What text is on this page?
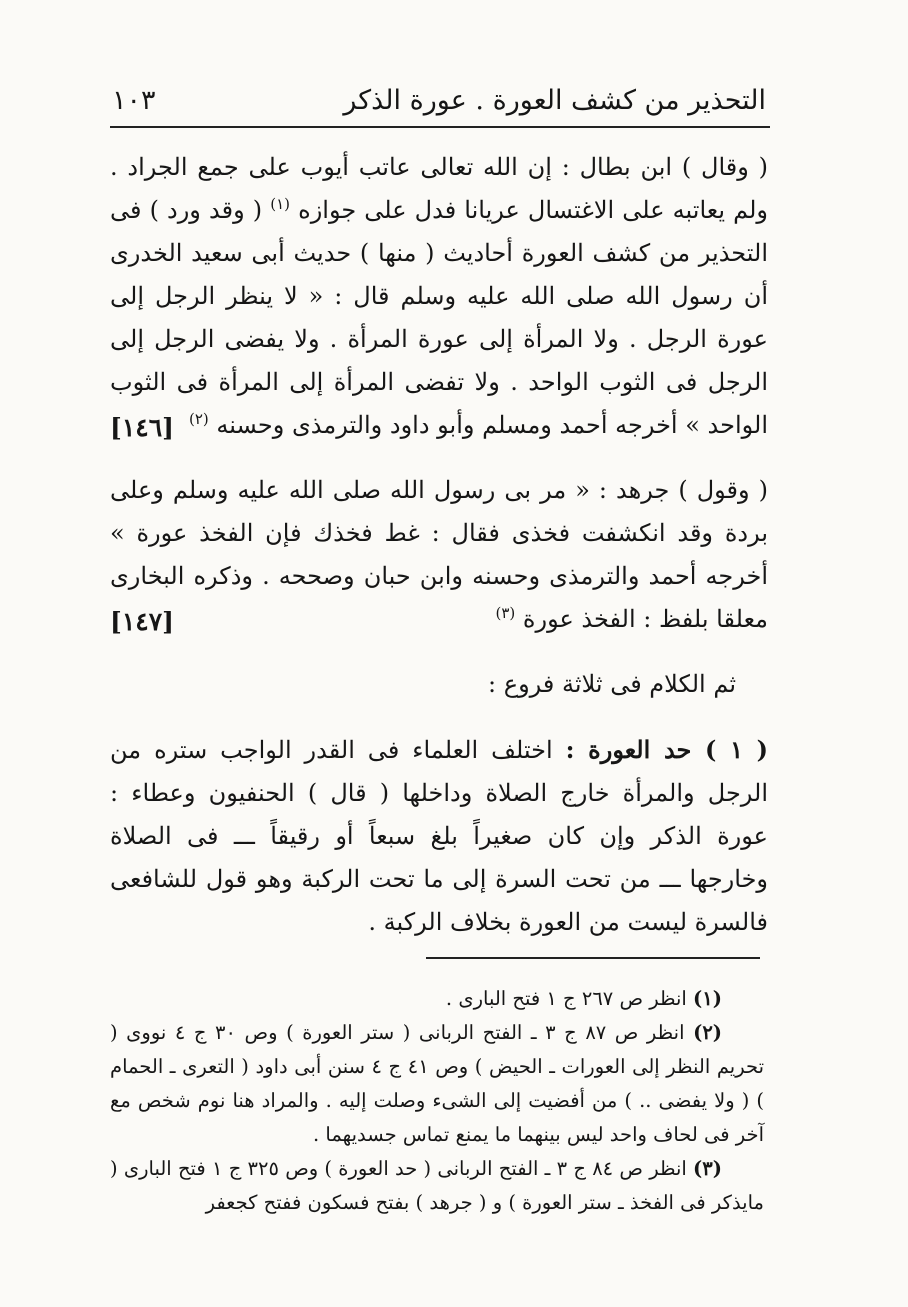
التحذير من كشف العورة . عورة الذكر
١٠٣

( وقال ) ابن بطال : إن الله تعالى عاتب أيوب على جمع الجراد . ولم يعاتبه على الاغتسال عريانا فدل على جوازه $^{(١)}$ ( وقد ورد ) فى التحذير من كشف العورة أحاديث ( منها ) حديث أبى سعيد الخدرى أن رسول الله صلى الله عليه وسلم قال : « لا ينظر الرجل إلى عورة الرجل . ولا المرأة إلى عورة المرأة . ولا يفضى الرجل إلى الرجل فى الثوب الواحد . ولا تفضى المرأة إلى المرأة فى الثوب الواحد » أخرجه أحمد ومسلم وأبو داود والترمذى وحسنه $^{(٢)}$
[١٤٦]

( وقول ) جرهد : « مر بى رسول الله صلى الله عليه وسلم وعلى بردة وقد انكشفت فخذى فقال : غط فخذك فإن الفخذ عورة » أخرجه أحمد والترمذى وحسنه وابن حبان وصححه . وذكره البخارى معلقا بلفظ : الفخذ عورة $^{(٣)}$
[١٤٧]

ثم الكلام فى ثلاثة فروع :

( ١ ) حد العورة : اختلف العلماء فى القدر الواجب ستره من الرجل والمرأة خارج الصلاة وداخلها ( قال ) الحنفيون وعطاء : عورة الذكر وإن كان صغيراً بلغ سبعاً أو رقيقاً ـــ فى الصلاة وخارجها ـــ من تحت السرة إلى ما تحت الركبة وهو قول للشافعى فالسرة ليست من العورة بخلاف الركبة .

(١) انظر ص ٢٦٧ ج ١ فتح البارى .

(٢) انظر ص ٨٧ ج ٣ ـ الفتح الربانى ( ستر العورة ) وص ٣٠ ج ٤ نووى ( تحريم النظر إلى العورات ـ الحيض ) وص ٤١ ج ٤ سنن أبى داود ( التعرى ـ الحمام ) ( ولا يفضى .. ) من أفضيت إلى الشىء وصلت إليه . والمراد هنا نوم شخص مع آخر فى لحاف واحد ليس بينهما ما يمنع تماس جسديهما .

(٣) انظر ص ٨٤ ج ٣ ـ الفتح الربانى ( حد العورة ) وص ٣٢٥ ج ١ فتح البارى ( مايذكر فى الفخذ ـ ستر العورة ) و ( جرهد ) بفتح فسكون ففتح كجعفر
